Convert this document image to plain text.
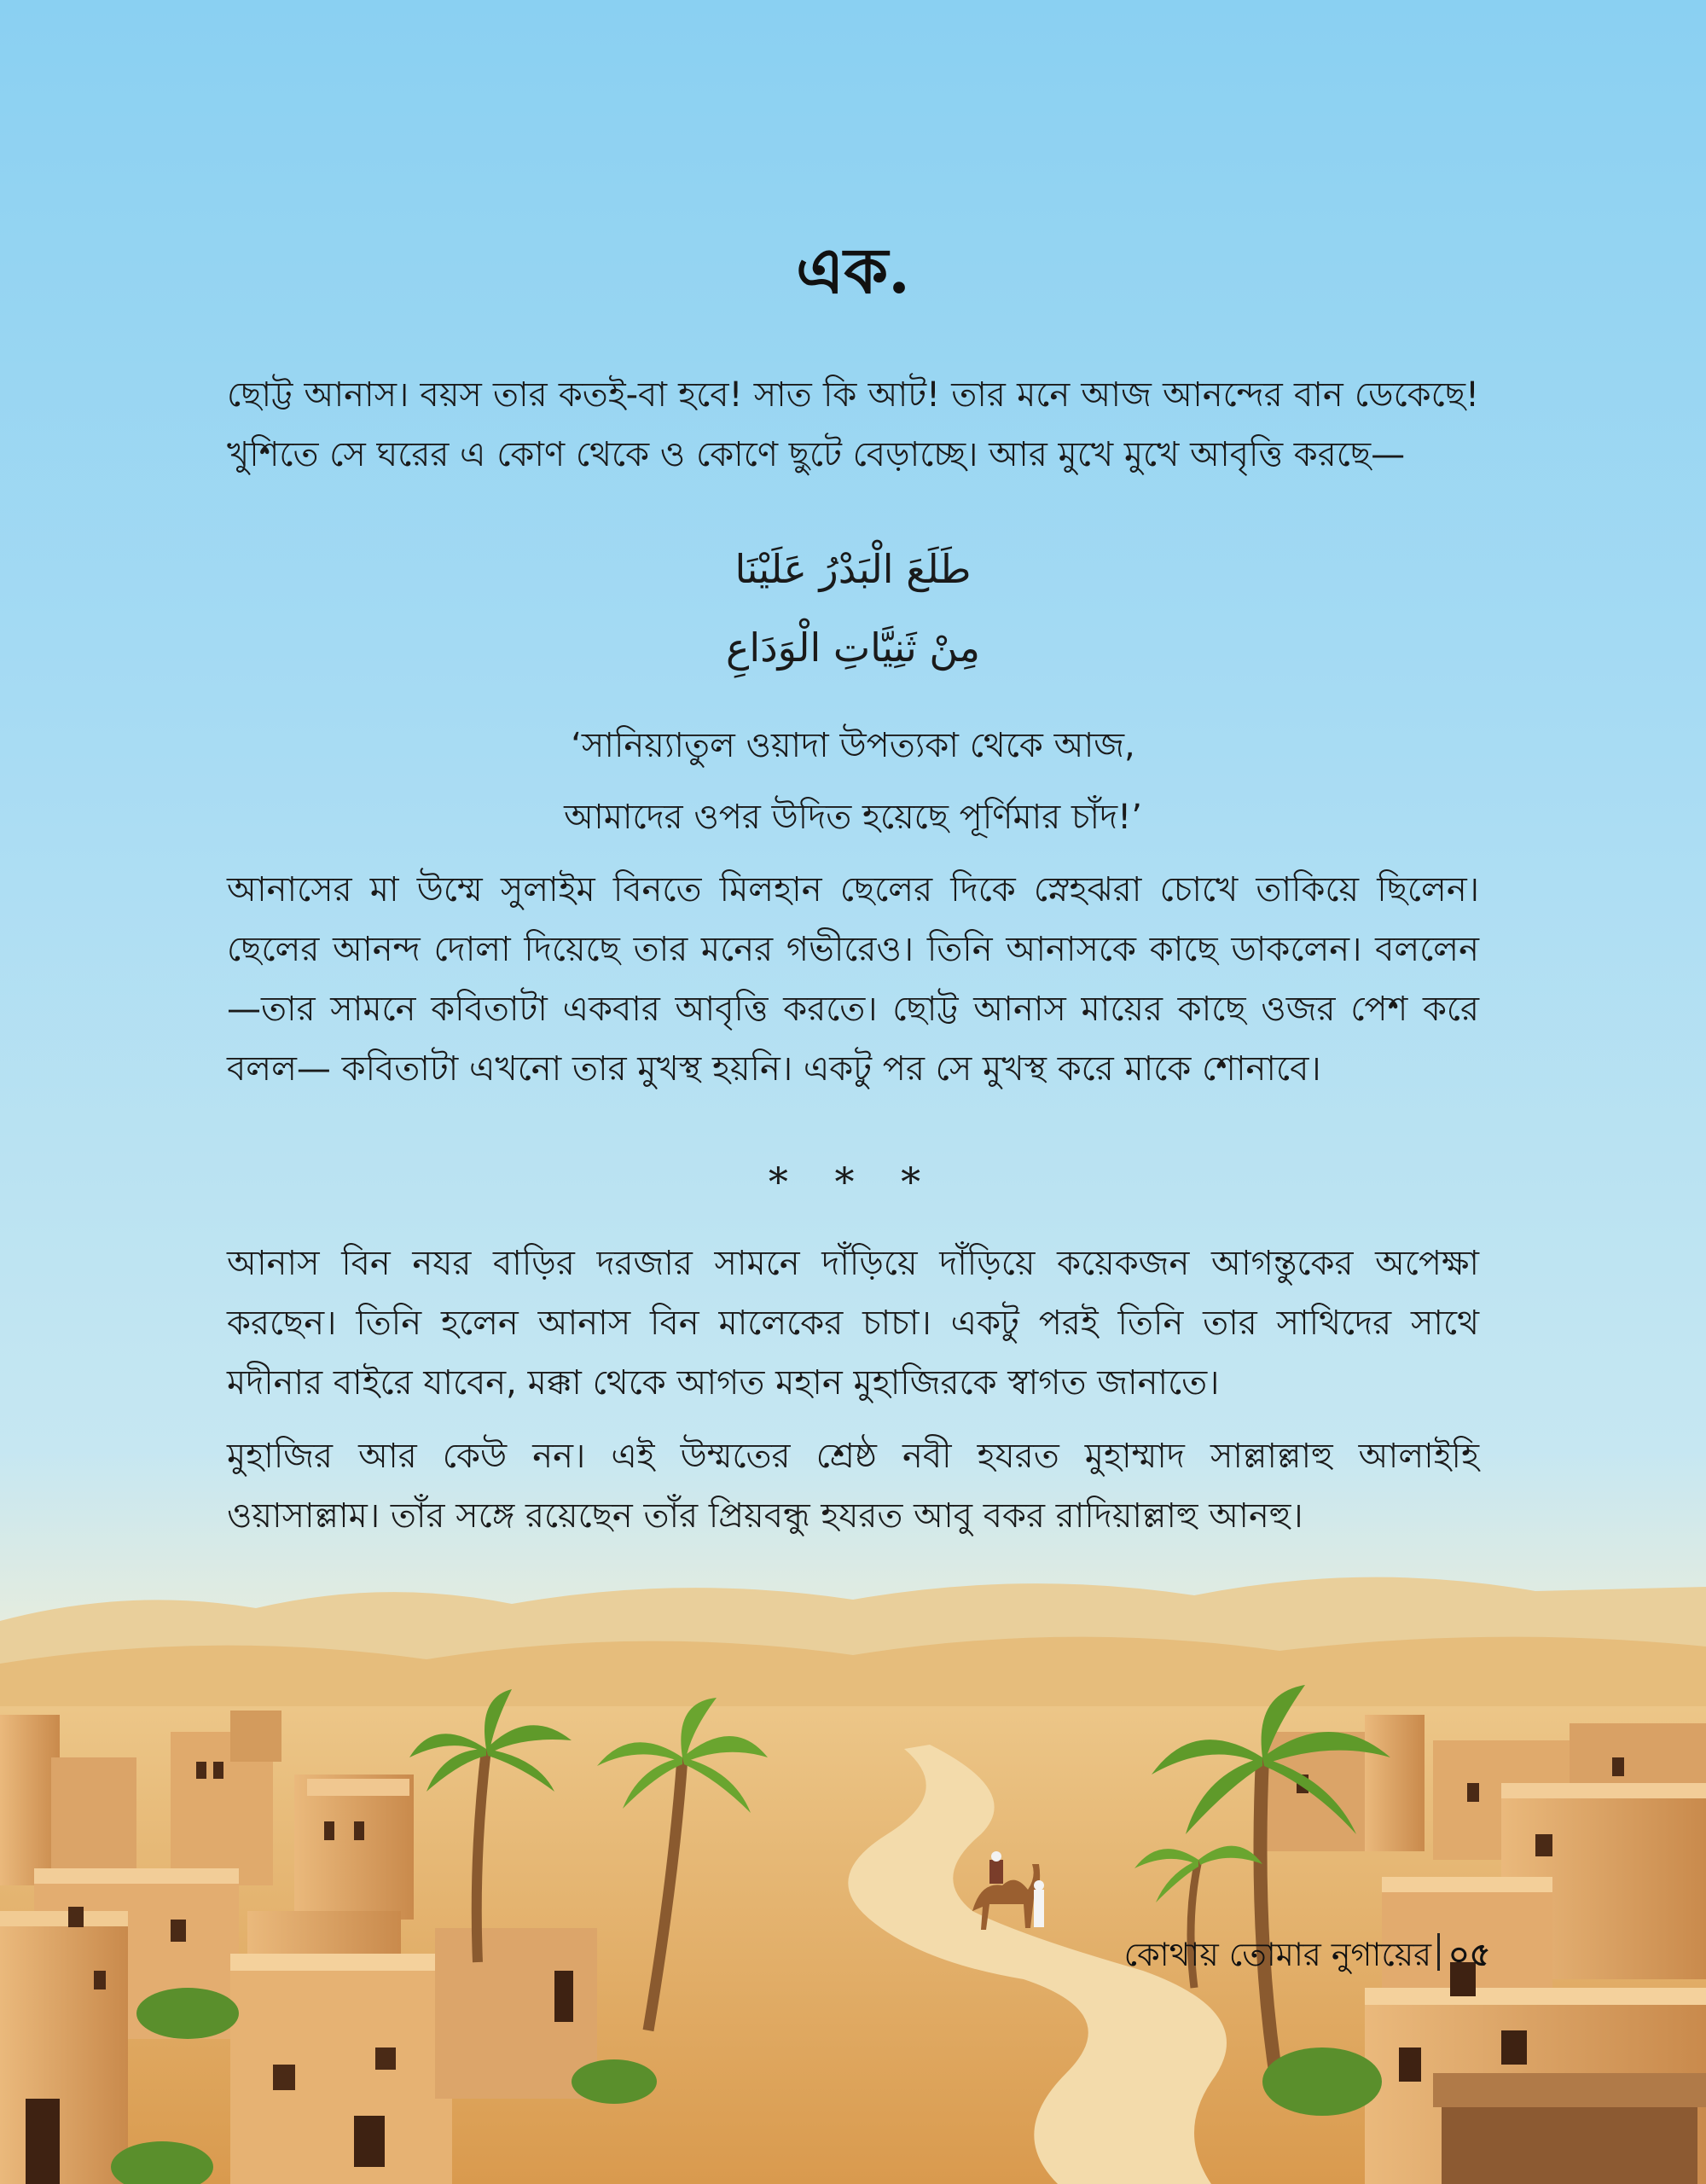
এক.

ছোট্ট আনাস। বয়স তার কতই-বা হবে! সাত কি আট! তার মনে আজ আনন্দের বান ডেকেছে! খুশিতে সে ঘরের এ কোণ থেকে ও কোণে ছুটে বেড়াচ্ছে। আর মুখে মুখে আবৃত্তি করছে—

طَلَعَ الْبَدْرُ عَلَيْنَا

مِنْ ثَنِيَّاتِ الْوَدَاعِ

‘সানিয়্যাতুল ওয়াদা উপত্যকা থেকে আজ,

আমাদের ওপর উদিত হয়েছে পূর্ণিমার চাঁদ!’

আনাসের মা উম্মে সুলাইম বিনতে মিলহান ছেলের দিকে স্নেহঝরা চোখে তাকিয়ে ছিলেন। ছেলের আনন্দ দোলা দিয়েছে তার মনের গভীরেও। তিনি আনাসকে কাছে ডাকলেন। বললেন—তার সামনে কবিতাটা একবার আবৃত্তি করতে। ছোট্ট আনাস মায়ের কাছে ওজর পেশ করে বলল— কবিতাটা এখনো তার মুখস্থ হয়নি। একটু পর সে মুখস্থ করে মাকে শোনাবে।

* * *

আনাস বিন নযর বাড়ির দরজার সামনে দাঁড়িয়ে দাঁড়িয়ে কয়েকজন আগন্তুকের অপেক্ষা করছেন। তিনি হলেন আনাস বিন মালেকের চাচা। একটু পরই তিনি তার সাথিদের সাথে মদীনার বাইরে যাবেন, মক্কা থেকে আগত মহান মুহাজিরকে স্বাগত জানাতে।

মুহাজির আর কেউ নন। এই উম্মতের শ্রেষ্ঠ নবী হযরত মুহাম্মাদ সাল্লাল্লাহু আলাইহি ওয়াসাল্লাম। তাঁর সঙ্গে রয়েছেন তাঁর প্রিয়বন্ধু হযরত আবু বকর রাদিয়াল্লাহু আনহু।

কোথায় তোমার নুগায়ের ০৫
